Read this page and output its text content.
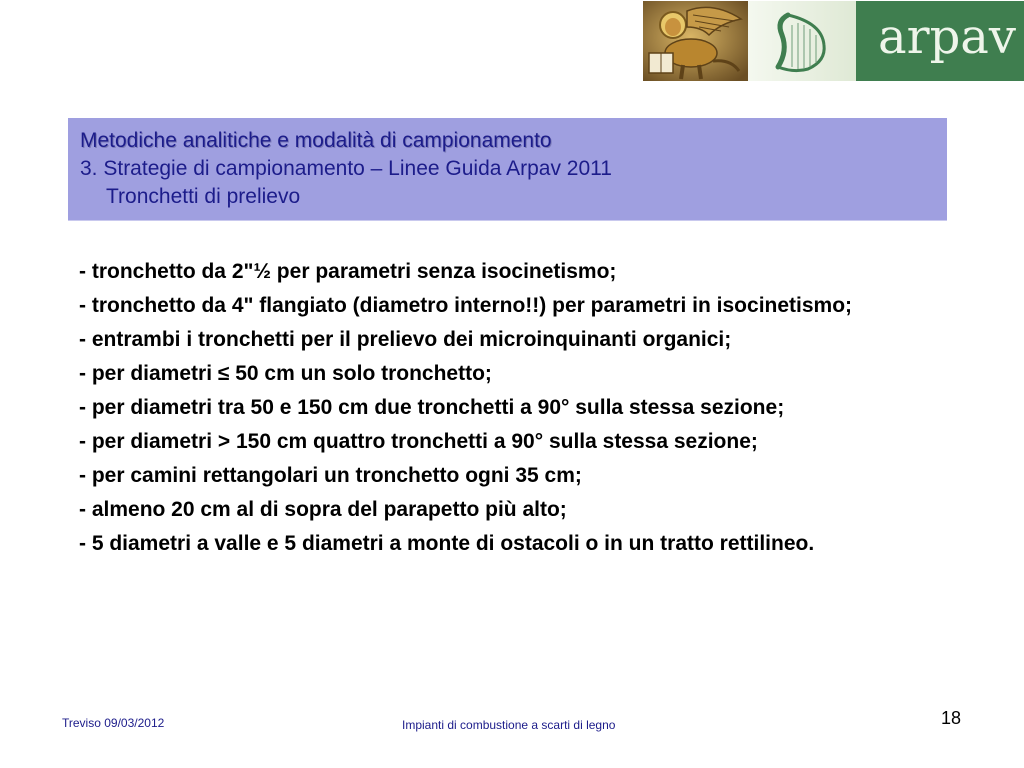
arpav
Metodiche analitiche e modalità di campionamento
3. Strategie di campionamento – Linee Guida Arpav 2011
Tronchetti di prelievo

- tronchetto da 2"½ per parametri senza isocinetismo;

- tronchetto da 4" flangiato (diametro interno!!) per parametri in isocinetismo;

- entrambi i tronchetti per il prelievo dei microinquinanti organici;

- per diametri ≤ 50 cm un solo tronchetto;

- per diametri tra 50 e 150 cm due tronchetti a 90° sulla stessa sezione;

- per diametri > 150 cm quattro tronchetti a 90° sulla stessa sezione;

- per camini rettangolari un tronchetto ogni 35 cm;

- almeno 20 cm al di sopra del parapetto più alto;

- 5 diametri a valle e 5 diametri a monte di ostacoli o in un tratto rettilineo.

Treviso 09/03/2012	Impianti di combustione a scarti di legno	18
